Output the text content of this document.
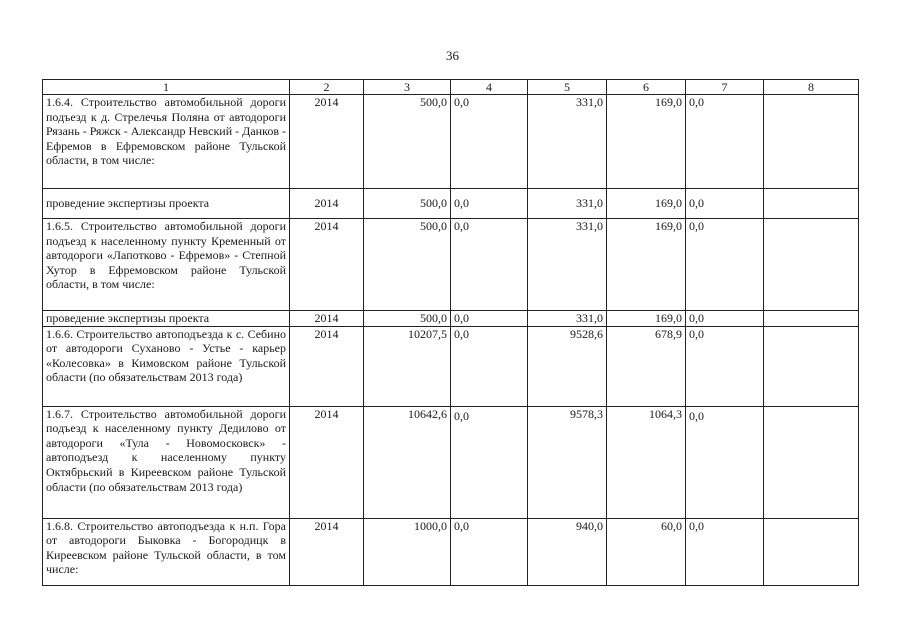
36
1	2	3	4	5	6	7	8
1.6.4. Строительство автомобильной дороги подъезд к д. Стрелечья Поляна от автодороги Рязань - Ряжск - Александр Невский - Данков - Ефремов в Ефремовском районе Тульской области, в том числе:	2014	500,0	0,0	331,0	169,0	0,0	
проведение экспертизы проекта	2014	500,0	0,0	331,0	169,0	0,0	
1.6.5. Строительство автомобильной дороги подъезд к населенному пункту Кременный от автодороги «Лапотково - Ефремов» - Степной Хутор в Ефремовском районе Тульской области, в том числе:	2014	500,0	0,0	331,0	169,0	0,0	
проведение экспертизы проекта	2014	500,0	0,0	331,0	169,0	0,0	
1.6.6. Строительство автоподъезда к с. Себино от автодороги Суханово - Устье - карьер «Колесовка» в Кимовском районе Тульской области (по обязательствам 2013 года)	2014	10207,5	0,0	9528,6	678,9	0,0	
1.6.7. Строительство автомобильной дороги подъезд к населенному пункту Дедилово от автодороги «Тула - Новомосковск» - автоподъезд к населенному пункту Октябрьский в Киреевском районе Тульской области (по обязательствам 2013 года)	2014	10642,6	0,0	9578,3	1064,3	0,0	
1.6.8. Строительство автоподъезда к н.п. Гора от автодороги Быковка - Богородицк в Киреевском районе Тульской области, в том числе:	2014	1000,0	0,0	940,0	60,0	0,0	
